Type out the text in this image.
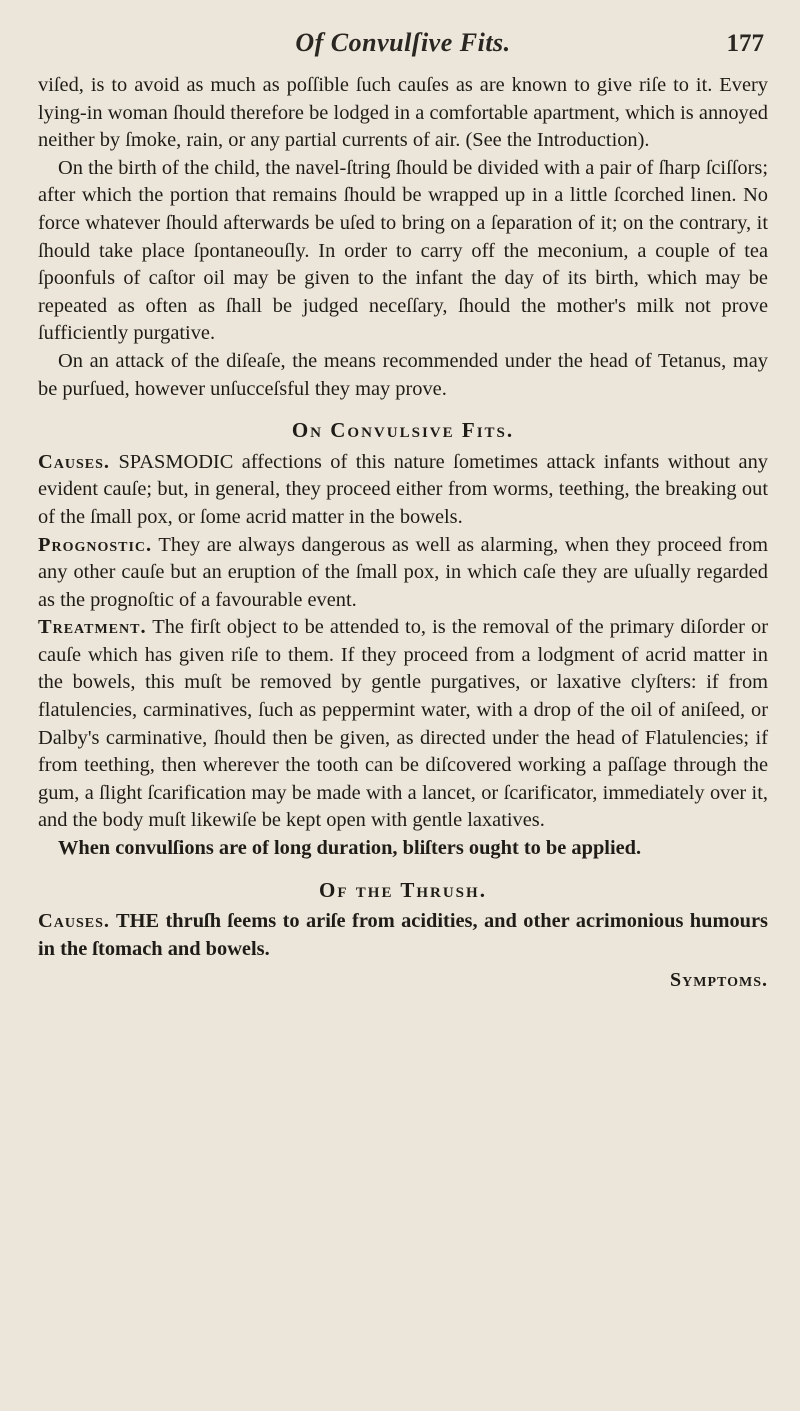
Of Convulſive Fits.	177

viſed, is to avoid as much as poſſible ſuch cauſes as are known to give riſe to it. Every lying-in woman ſhould therefore be lodged in a comfortable apartment, which is annoyed neither by ſmoke, rain, or any partial currents of air. (See the Introduction).

On the birth of the child, the navel-ſtring ſhould be divided with a pair of ſharp ſciſſors; after which the portion that remains ſhould be wrapped up in a little ſcorched linen. No force whatever ſhould afterwards be uſed to bring on a ſeparation of it; on the contrary, it ſhould take place ſpontaneouſly. In order to carry off the meconium, a couple of tea ſpoonfuls of caſtor oil may be given to the infant the day of its birth, which may be repeated as often as ſhall be judged neceſſary, ſhould the mother's milk not prove ſufficiently purgative.

On an attack of the diſeaſe, the means recommended under the head of Tetanus, may be purſued, however unſucceſsful they may prove.

On Convulsive Fits.

Causes. SPASMODIC affections of this nature ſometimes attack infants without any evident cauſe; but, in general, they proceed either from worms, teething, the breaking out of the ſmall pox, or ſome acrid matter in the bowels.

Prognostic. They are always dangerous as well as alarming, when they proceed from any other cauſe but an eruption of the ſmall pox, in which caſe they are uſually regarded as the prognoſtic of a favourable event.

Treatment. The firſt object to be attended to, is the removal of the primary diſorder or cauſe which has given riſe to them. If they proceed from a lodgment of acrid matter in the bowels, this muſt be removed by gentle purgatives, or laxative clyſters: if from flatulencies, carminatives, ſuch as peppermint water, with a drop of the oil of aniſeed, or Dalby's carminative, ſhould then be given, as directed under the head of Flatulencies; if from teething, then wherever the tooth can be diſcovered working a paſſage through the gum, a ſlight ſcarification may be made with a lancet, or ſcarificator, immediately over it, and the body muſt likewiſe be kept open with gentle laxatives.

When convulſions are of long duration, bliſters ought to be applied.

Of the Thrush.

Causes. THE thruſh ſeems to ariſe from acidities, and other acrimonious humours in the ſtomach and bowels.

Symptoms.
